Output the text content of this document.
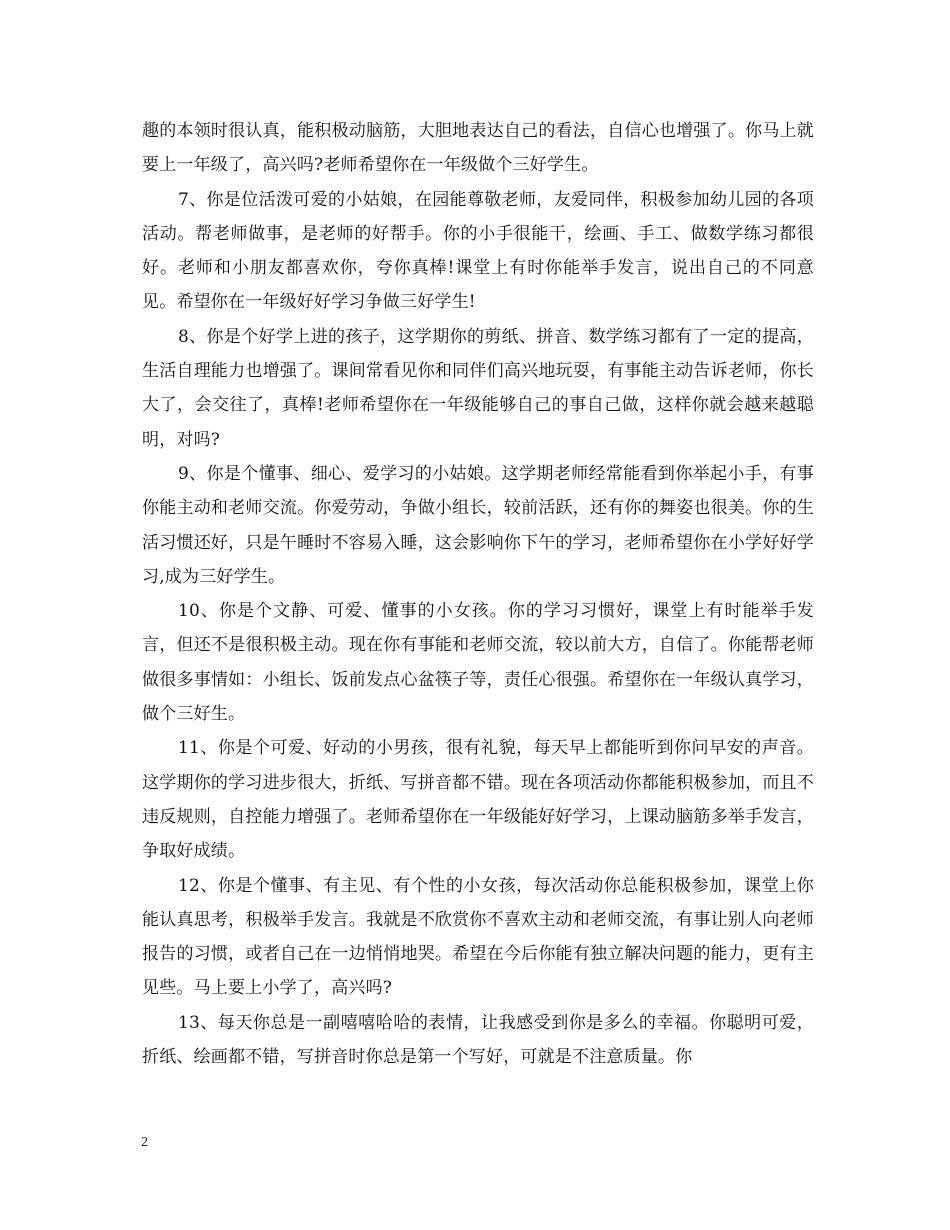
趣的本领时很认真，能积极动脑筋，大胆地表达自己的看法，自信心也增强了。你马上就要上一年级了，高兴吗?老师希望你在一年级做个三好学生。

7、你是位活泼可爱的小姑娘，在园能尊敬老师，友爱同伴，积极参加幼儿园的各项活动。帮老师做事，是老师的好帮手。你的小手很能干，绘画、手工、做数学练习都很好。老师和小朋友都喜欢你，夸你真棒!课堂上有时你能举手发言，说出自己的不同意见。希望你在一年级好好学习争做三好学生!

8、你是个好学上进的孩子，这学期你的剪纸、拼音、数学练习都有了一定的提高，生活自理能力也增强了。课间常看见你和同伴们高兴地玩耍，有事能主动告诉老师，你长大了，会交往了，真棒!老师希望你在一年级能够自己的事自己做，这样你就会越来越聪明，对吗?

9、你是个懂事、细心、爱学习的小姑娘。这学期老师经常能看到你举起小手，有事你能主动和老师交流。你爱劳动，争做小组长，较前活跃，还有你的舞姿也很美。你的生活习惯还好，只是午睡时不容易入睡，这会影响你下午的学习，老师希望你在小学好好学习,成为三好学生。

10、你是个文静、可爱、懂事的小女孩。你的学习习惯好，课堂上有时能举手发言，但还不是很积极主动。现在你有事能和老师交流，较以前大方，自信了。你能帮老师做很多事情如：小组长、饭前发点心盆筷子等，责任心很强。希望你在一年级认真学习，做个三好生。

11、你是个可爱、好动的小男孩，很有礼貌，每天早上都能听到你问早安的声音。这学期你的学习进步很大，折纸、写拼音都不错。现在各项活动你都能积极参加，而且不违反规则，自控能力增强了。老师希望你在一年级能好好学习，上课动脑筋多举手发言，争取好成绩。

12、你是个懂事、有主见、有个性的小女孩，每次活动你总能积极参加，课堂上你能认真思考，积极举手发言。我就是不欣赏你不喜欢主动和老师交流，有事让别人向老师报告的习惯，或者自己在一边悄悄地哭。希望在今后你能有独立解决问题的能力，更有主见些。马上要上小学了，高兴吗?

13、每天你总是一副嘻嘻哈哈的表情，让我感受到你是多么的幸福。你聪明可爱，折纸、绘画都不错，写拼音时你总是第一个写好，可就是不注意质量。你

2
